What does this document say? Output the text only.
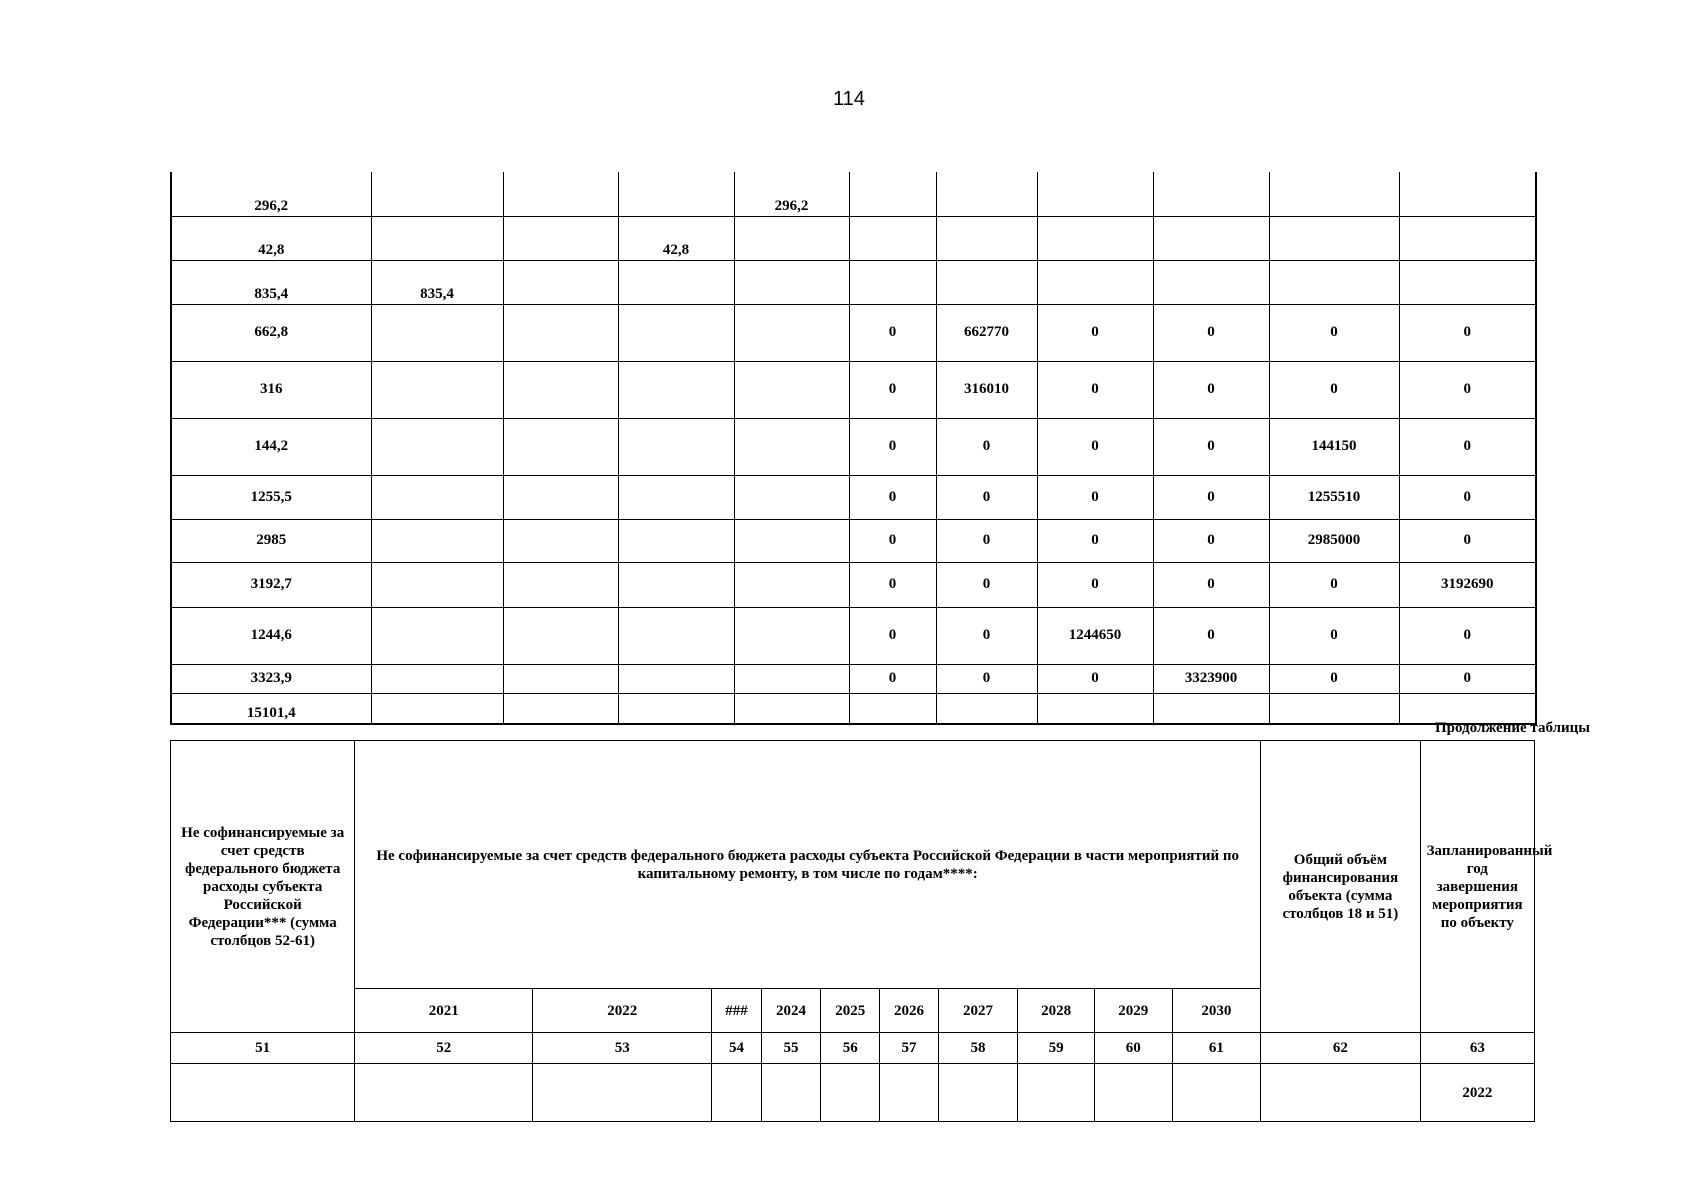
114
296,2				296,2						
42,8			42,8							
835,4	835,4									
662,8					0	662770	0	0	0	0
316					0	316010	0	0	0	0
144,2					0	0	0	0	144150	0
1255,5					0	0	0	0	1255510	0
2985					0	0	0	0	2985000	0
3192,7					0	0	0	0	0	3192690
1244,6					0	0	1244650	0	0	0
3323,9					0	0	0	3323900	0	0
15101,4										
Продолжение таблицы
Не софинансируемые за счет средств федерального бюджета расходы субъекта Российской Федерации*** (сумма столбцов 52-61)	Не софинансируемые за счет средств федерального бюджета расходы субъекта Российской Федерации в части мероприятий по капитальному ремонту, в том числе по годам****:										Общий объём финансирования объекта (сумма столбцов 18 и 51)	Запланированный год завершения мероприятия по объекту
	2021	2022	###	2024	2025	2026	2027	2028	2029	2030		
51	52	53	54	55	56	57	58	59	60	61	62	63
												2022
